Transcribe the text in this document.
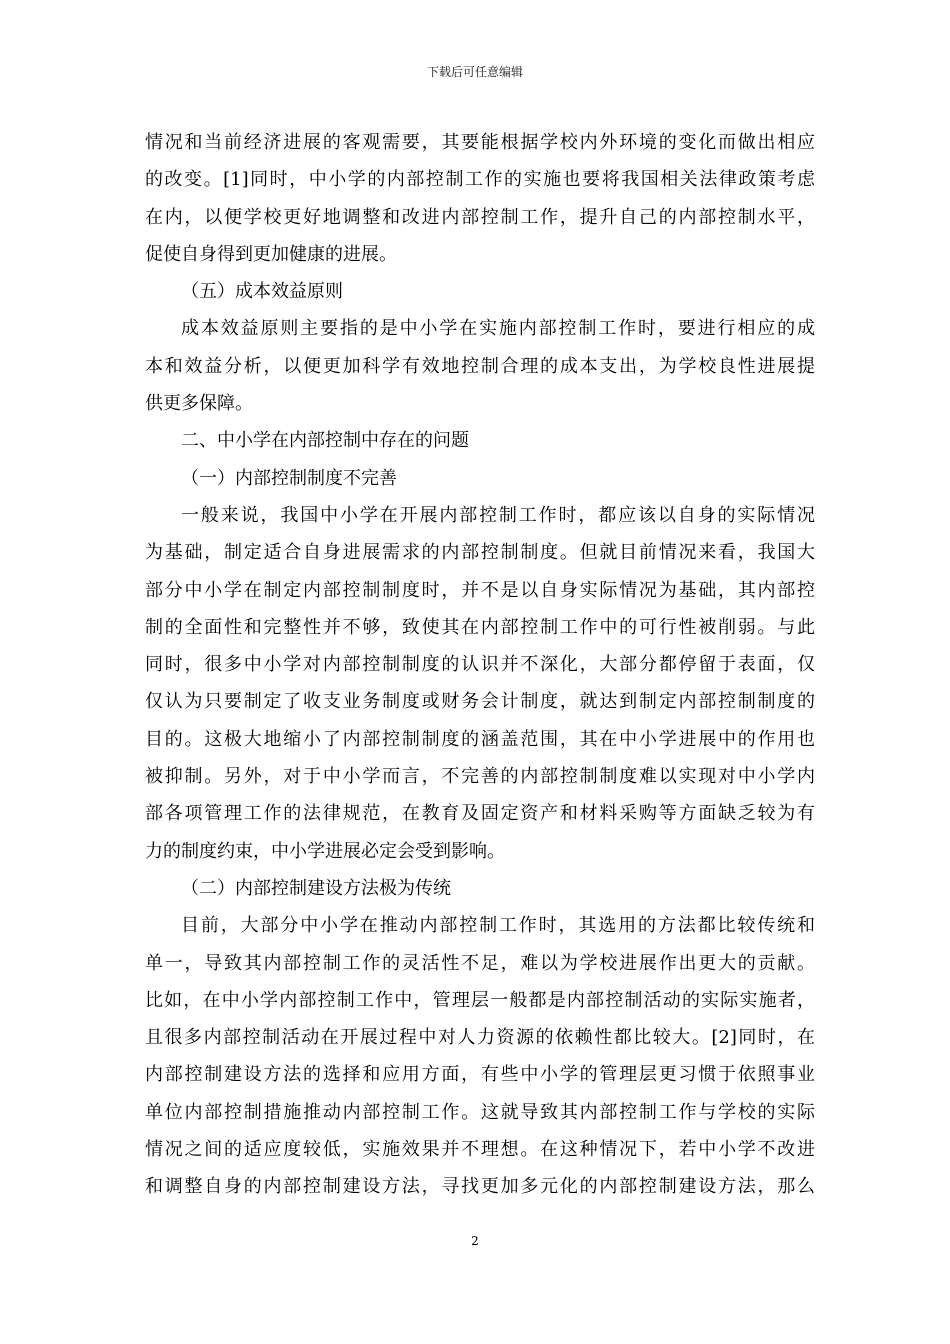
下载后可任意编辑
情况和当前经济进展的客观需要，其要能根据学校内外环境的变化而做出相应
的改变。[1]同时，中小学的内部控制工作的实施也要将我国相关法律政策考虑
在内，以便学校更好地调整和改进内部控制工作，提升自己的内部控制水平，
促使自身得到更加健康的进展。
（五）成本效益原则
成本效益原则主要指的是中小学在实施内部控制工作时，要进行相应的成
本和效益分析，以便更加科学有效地控制合理的成本支出，为学校良性进展提
供更多保障。
二、中小学在内部控制中存在的问题
（一）内部控制制度不完善
一般来说，我国中小学在开展内部控制工作时，都应该以自身的实际情况
为基础，制定适合自身进展需求的内部控制制度。但就目前情况来看，我国大
部分中小学在制定内部控制制度时，并不是以自身实际情况为基础，其内部控
制的全面性和完整性并不够，致使其在内部控制工作中的可行性被削弱。与此
同时，很多中小学对内部控制制度的认识并不深化，大部分都停留于表面，仅
仅认为只要制定了收支业务制度或财务会计制度，就达到制定内部控制制度的
目的。这极大地缩小了内部控制制度的涵盖范围，其在中小学进展中的作用也
被抑制。另外，对于中小学而言，不完善的内部控制制度难以实现对中小学内
部各项管理工作的法律规范，在教育及固定资产和材料采购等方面缺乏较为有
力的制度约束，中小学进展必定会受到影响。
（二）内部控制建设方法极为传统
目前，大部分中小学在推动内部控制工作时，其选用的方法都比较传统和
单一，导致其内部控制工作的灵活性不足，难以为学校进展作出更大的贡献。
比如，在中小学内部控制工作中，管理层一般都是内部控制活动的实际实施者，
且很多内部控制活动在开展过程中对人力资源的依赖性都比较大。[2]同时，在
内部控制建设方法的选择和应用方面，有些中小学的管理层更习惯于依照事业
单位内部控制措施推动内部控制工作。这就导致其内部控制工作与学校的实际
情况之间的适应度较低，实施效果并不理想。在这种情况下，若中小学不改进
和调整自身的内部控制建设方法，寻找更加多元化的内部控制建设方法，那么
2
